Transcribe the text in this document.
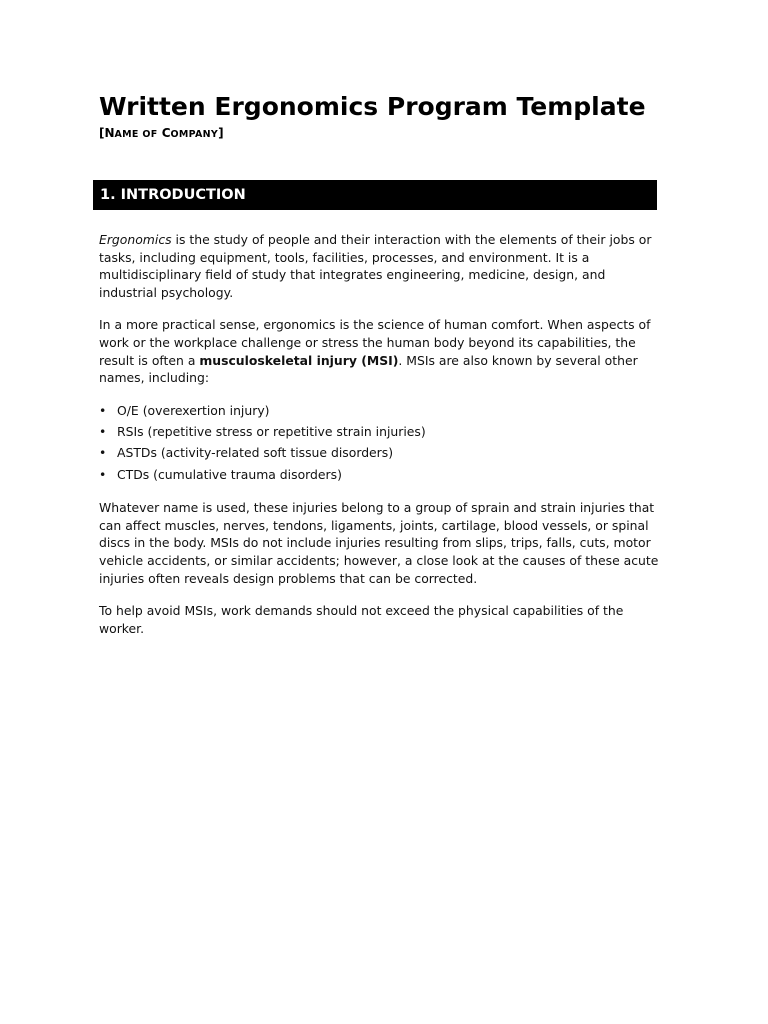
Written Ergonomics Program Template

[NAME OF COMPANY]

1. INTRODUCTION

Ergonomics is the study of people and their interaction with the elements of their jobs or tasks, including equipment, tools, facilities, processes, and environment. It is a multidisciplinary field of study that integrates engineering, medicine, design, and industrial psychology.

In a more practical sense, ergonomics is the science of human comfort. When aspects of work or the workplace challenge or stress the human body beyond its capabilities, the result is often a musculoskeletal injury (MSI). MSIs are also known by several other names, including:

• O/E (overexertion injury)
• RSIs (repetitive stress or repetitive strain injuries)
• ASTDs (activity-related soft tissue disorders)
• CTDs (cumulative trauma disorders)

Whatever name is used, these injuries belong to a group of sprain and strain injuries that can affect muscles, nerves, tendons, ligaments, joints, cartilage, blood vessels, or spinal discs in the body. MSIs do not include injuries resulting from slips, trips, falls, cuts, motor vehicle accidents, or similar accidents; however, a close look at the causes of these acute injuries often reveals design problems that can be corrected.

To help avoid MSIs, work demands should not exceed the physical capabilities of the worker.
